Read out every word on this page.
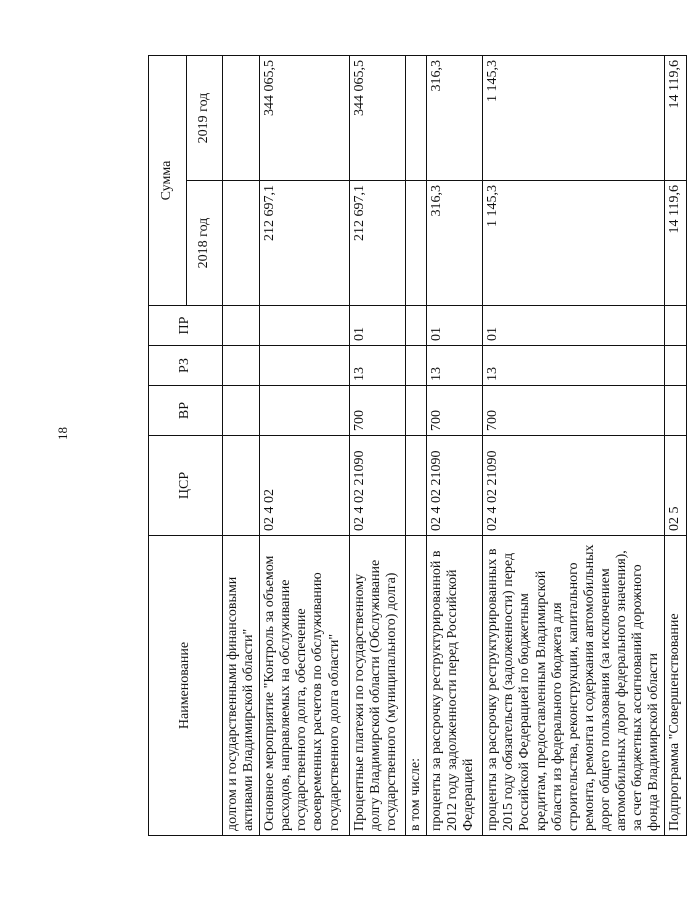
18
Наименование	ЦСР	ВР	РЗ	ПР	Сумма	
					2018 год	2019 год
долгом и государственными финансовыми активами Владимирской области"						
Основное мероприятие "Контроль за объемом расходов, направляемых на обслуживание государственного долга, обеспечение своевременных расчетов по обслуживанию государственного долга области"	02 4 02				212 697,1	344 065,5
Процентные платежи по государственному долгу Владимирской области (Обслуживание государственного (муниципального) долга)	02 4 02 21090	700	13	01	212 697,1	344 065,5
в том числе:						
проценты за рассрочку реструктурированной в 2012 году задолженности перед Российской Федерацией	02 4 02 21090	700	13	01	316,3	316,3
проценты за рассрочку реструктурированных в 2015 году обязательств (задолженности) перед Российской Федерацией по бюджетным кредитам, предоставленным Владимирской области из федерального бюджета для строительства, реконструкции, капитального ремонта, ремонта и содержания автомобильных дорог общего пользования (за исключением автомобильных дорог федерального значения), за счет бюджетных ассигнований дорожного фонда Владимирской области	02 4 02 21090	700	13	01	1 145,3	1 145,3
Подпрограмма "Совершенствование	02 5				14 119,6	14 119,6
